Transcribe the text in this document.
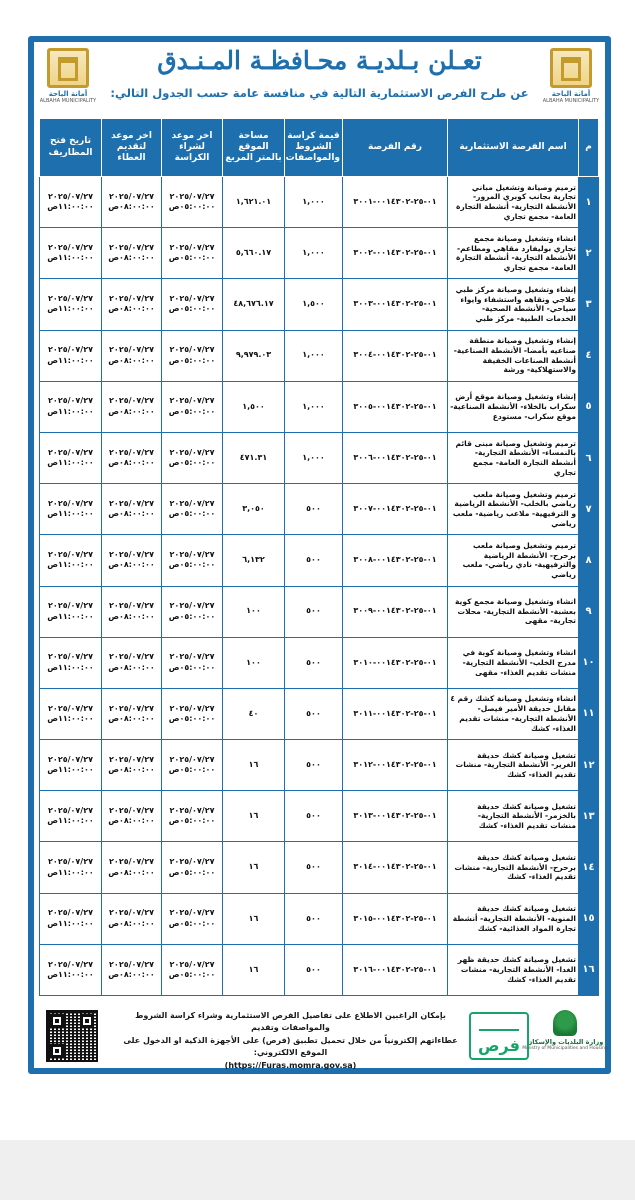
أمانة الباحة
ALBAHA MUNICIPALITY
تعـلن بـلديـة محـافظـة المـنـدق
عن طرح الفرص الاستثمارية التالية في منافسة عامة حسب الجدول التالي:
أمانة الباحة
ALBAHA MUNICIPALITY
م	اسم الفرصة الاستثمارية	رقم الفرصة	قيمة كراسة الشروط والمواصفات	مساحة الموقع بالمتر المربع	اخر موعد لشراء الكراسة	اخر موعد لتقديم العطاء	تاريخ فتح المظاريف
١	ترميم وصيانة وتشغيل مباني تجارية بجانب كوبري المرور- الأنشطة التجارية- أنشطة التجارة العامة- مجمع تجاري	٠١-٢٥-٠٠١٤٣٠٢-٣٠٠١	١,٠٠٠	١,٦٢١.٠١	٢٠٢٥/٠٧/٢٧ ٠٥:٠٠:٠٠ص	٢٠٢٥/٠٧/٢٧ ٠٨:٠٠:٠٠ص	٢٠٢٥/٠٧/٢٧ ١١:٠٠:٠٠ص
٢	انشاء وتشغيل وصيانة مجمع تجاري بوليفارد مقاهي ومطاعم- الأنشطة التجارية- أنشطة التجارة العامة- مجمع تجاري	٠١-٢٥-٠٠١٤٣٠٢-٣٠٠٢	١,٠٠٠	٥,٦٦٠.١٧	٢٠٢٥/٠٧/٢٧ ٠٥:٠٠:٠٠ص	٢٠٢٥/٠٧/٢٧ ٠٨:٠٠:٠٠ص	٢٠٢٥/٠٧/٢٧ ١١:٠٠:٠٠ص
٣	إنشاء وتشغيل وصيانة مركز طبي علاجي ونقاهه واستشفاء وايواء سياحي- الأنشطة الصحية- الخدمات الطبية- مركز طبي	٠١-٢٥-٠٠١٤٣٠٢-٣٠٠٣	١,٥٠٠	٤٨,٦٧٦.١٧	٢٠٢٥/٠٧/٢٧ ٠٥:٠٠:٠٠ص	٢٠٢٥/٠٧/٢٧ ٠٨:٠٠:٠٠ص	٢٠٢٥/٠٧/٢٧ ١١:٠٠:٠٠ص
٤	إنشاء وتشغيل وصيانة منطقة صناعيه بأمضا- الأنشطة الصناعية- أنشطة الصناعات الخفيفة والاستهلاكية- ورشة	٠١-٢٥-٠٠١٤٣٠٢-٣٠٠٤	١,٠٠٠	٩,٩٧٩.٠٣	٢٠٢٥/٠٧/٢٧ ٠٥:٠٠:٠٠ص	٢٠٢٥/٠٧/٢٧ ٠٨:٠٠:٠٠ص	٢٠٢٥/٠٧/٢٧ ١١:٠٠:٠٠ص
٥	إنشاء وتشغيل وصيانة موقع أرض سكراب بالخلاء- الأنشطة الصناعية- موقع سكراب- مستودع	٠١-٢٥-٠٠١٤٣٠٢-٣٠٠٥	١,٠٠٠	١,٥٠٠	٢٠٢٥/٠٧/٢٧ ٠٥:٠٠:٠٠ص	٢٠٢٥/٠٧/٢٧ ٠٨:٠٠:٠٠ص	٢٠٢٥/٠٧/٢٧ ١١:٠٠:٠٠ص
٦	ترميم وتشغيل وصيانة مبنى قائم بالنمساء- الأنشطة التجارية- أنشطة التجارة العامة- مجمع تجاري	٠١-٢٥-٠٠١٤٣٠٢-٣٠٠٦	١,٠٠٠	٤٧١.٣١	٢٠٢٥/٠٧/٢٧ ٠٥:٠٠:٠٠ص	٢٠٢٥/٠٧/٢٧ ٠٨:٠٠:٠٠ص	٢٠٢٥/٠٧/٢٧ ١١:٠٠:٠٠ص
٧	ترميم وتشغيل وصيانة ملعب رياضي بالخلب- الأنشطة الرياضية و الترفيهية- ملاعب رياضية- ملعب رياضي	٠١-٢٥-٠٠١٤٣٠٢-٣٠٠٧	٥٠٠	٣,٠٥٠	٢٠٢٥/٠٧/٢٧ ٠٥:٠٠:٠٠ص	٢٠٢٥/٠٧/٢٧ ٠٨:٠٠:٠٠ص	٢٠٢٥/٠٧/٢٧ ١١:٠٠:٠٠ص
٨	ترميم وتشغيل وصيانة ملعب برحرح- الأنشطة الرياضية والترفيهية- نادي رياضي- ملعب رياضي	٠١-٢٥-٠٠١٤٣٠٢-٣٠٠٨	٥٠٠	٦,١٣٢	٢٠٢٥/٠٧/٢٧ ٠٥:٠٠:٠٠ص	٢٠٢٥/٠٧/٢٧ ٠٨:٠٠:٠٠ص	٢٠٢٥/٠٧/٢٧ ١١:٠٠:٠٠ص
٩	انشاء وتشغيل وصيانة مجمع كوية بعشبة- الأنشطة التجارية- محلات تجارية- مقهى	٠١-٢٥-٠٠١٤٣٠٢-٣٠٠٩	٥٠٠	١٠٠	٢٠٢٥/٠٧/٢٧ ٠٥:٠٠:٠٠ص	٢٠٢٥/٠٧/٢٧ ٠٨:٠٠:٠٠ص	٢٠٢٥/٠٧/٢٧ ١١:٠٠:٠٠ص
١٠	انشاء وتشغيل وصيانة كوبة في مدرج الخلب- الأنشطة التجارية- منشات تقديم الغذاء- مقهى	٠١-٢٥-٠٠١٤٣٠٢-٣٠١٠	٥٠٠	١٠٠	٢٠٢٥/٠٧/٢٧ ٠٥:٠٠:٠٠ص	٢٠٢٥/٠٧/٢٧ ٠٨:٠٠:٠٠ص	٢٠٢٥/٠٧/٢٧ ١١:٠٠:٠٠ص
١١	انشاء وتشغيل وصيانة كشك رقم ٤ مقابل حديقة الأمير فيصل- الأنشطة التجارية- منشات تقديم الغذاء- كشك	٠١-٢٥-٠٠١٤٣٠٢-٣٠١١	٥٠٠	٤٠	٢٠٢٥/٠٧/٢٧ ٠٥:٠٠:٠٠ص	٢٠٢٥/٠٧/٢٧ ٠٨:٠٠:٠٠ص	٢٠٢٥/٠٧/٢٧ ١١:٠٠:٠٠ص
١٢	تشغيل وصيانة كشك حديقة الغرير- الأنشطة التجارية- منشات تقديم الغذاء- كشك	٠١-٢٥-٠٠١٤٣٠٢-٣٠١٢	٥٠٠	١٦	٢٠٢٥/٠٧/٢٧ ٠٥:٠٠:٠٠ص	٢٠٢٥/٠٧/٢٧ ٠٨:٠٠:٠٠ص	٢٠٢٥/٠٧/٢٧ ١١:٠٠:٠٠ص
١٣	تشغيل وصيانة كشك حديقة بالخزمر- الأنشطة التجارية- منشات تقديم الغذاء- كشك	٠١-٢٥-٠٠١٤٣٠٢-٣٠١٣	٥٠٠	١٦	٢٠٢٥/٠٧/٢٧ ٠٥:٠٠:٠٠ص	٢٠٢٥/٠٧/٢٧ ٠٨:٠٠:٠٠ص	٢٠٢٥/٠٧/٢٧ ١١:٠٠:٠٠ص
١٤	تشغيل وصيانة كشك حديقة برحرح- الأنشطة التجارية- منشات تقديم الغذاء- كشك	٠١-٢٥-٠٠١٤٣٠٢-٣٠١٤	٥٠٠	١٦	٢٠٢٥/٠٧/٢٧ ٠٥:٠٠:٠٠ص	٢٠٢٥/٠٧/٢٧ ٠٨:٠٠:٠٠ص	٢٠٢٥/٠٧/٢٧ ١١:٠٠:٠٠ص
١٥	تشغيل وصيانة كشك حديقة المنوية- الأنشطة التجارية- أنشطة تجارة المواد الغذائية- كشك	٠١-٢٥-٠٠١٤٣٠٢-٣٠١٥	٥٠٠	١٦	٢٠٢٥/٠٧/٢٧ ٠٥:٠٠:٠٠ص	٢٠٢٥/٠٧/٢٧ ٠٨:٠٠:٠٠ص	٢٠٢٥/٠٧/٢٧ ١١:٠٠:٠٠ص
١٦	تشغيل وصيانة كشك حديقة ظهر الغدا- الأنشطة التجارية- منشات تقديم الغذاء- كشك	٠١-٢٥-٠٠١٤٣٠٢-٣٠١٦	٥٠٠	١٦	٢٠٢٥/٠٧/٢٧ ٠٥:٠٠:٠٠ص	٢٠٢٥/٠٧/٢٧ ٠٨:٠٠:٠٠ص	٢٠٢٥/٠٧/٢٧ ١١:٠٠:٠٠ص
وزارة البلديات والإسكان
Ministry of Municipalities and Housing
فرص
بإمكان الراغبين الاطلاع على تفاصيل الفرص الاستثمارية وشراء كراسة الشروط والمواصفات وتقديم
عطاءاتهم إلكترونياً من خلال تحميل تطبيق (فرص) على الأجهزة الذكية او الدخول على الموقع الالكتروني:
(https://Furas.momra.gov.sa)
